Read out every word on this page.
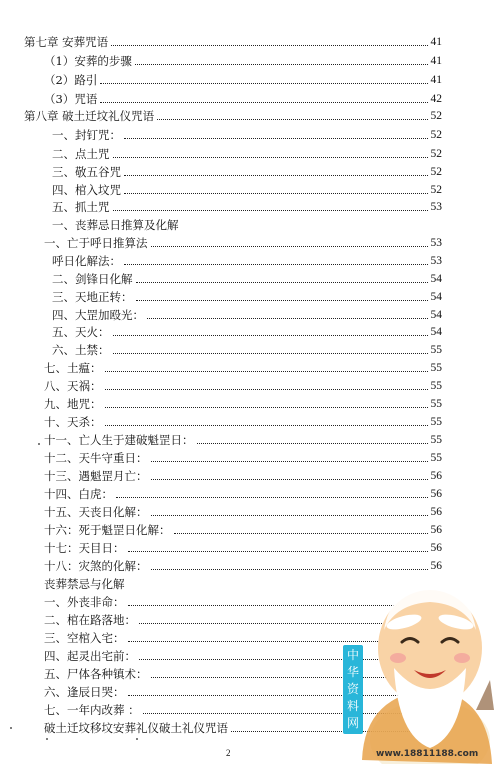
第七章 安葬咒语	41
（1）安葬的步骤	41
（2）路引	41
（3）咒语	42
第八章 破土迁坟礼仪咒语	52
一、封钉咒：	52
二、点土咒	52
三、敬五谷咒	52
四、棺入坟咒	52
五、抓土咒	53
一、丧葬忌日推算及化解
一、亡于呼日推算法	53
呼日化解法：	53
二、剑锋日化解	54
三、天地正转：	54
四、大罡加殴光：	54
五、天火：	54
六、土禁：	55
七、土瘟：	55
八、天祸：	55
九、地咒：	55
十、天杀：	55
十一、亡人生于建破魁罡日：	55
十二、天牛守重日：	55
十三、遇魁罡月亡：	56
十四、白虎：	56
十五、天丧日化解：	56
十六：死于魁罡日化解：	56
十七：天目日：	56
十八：灾煞的化解：	56
丧葬禁忌与化解
一、外丧非命：
二、棺在路落地：
三、空棺入宅：
四、起灵出宅前：
五、尸体各种镇术：
六、逢辰日哭：
七、一年内改葬 ：
破土迁坟移坟安葬礼仪破土礼仪咒语
2
中
华
资
料
网
www.18811188.com
